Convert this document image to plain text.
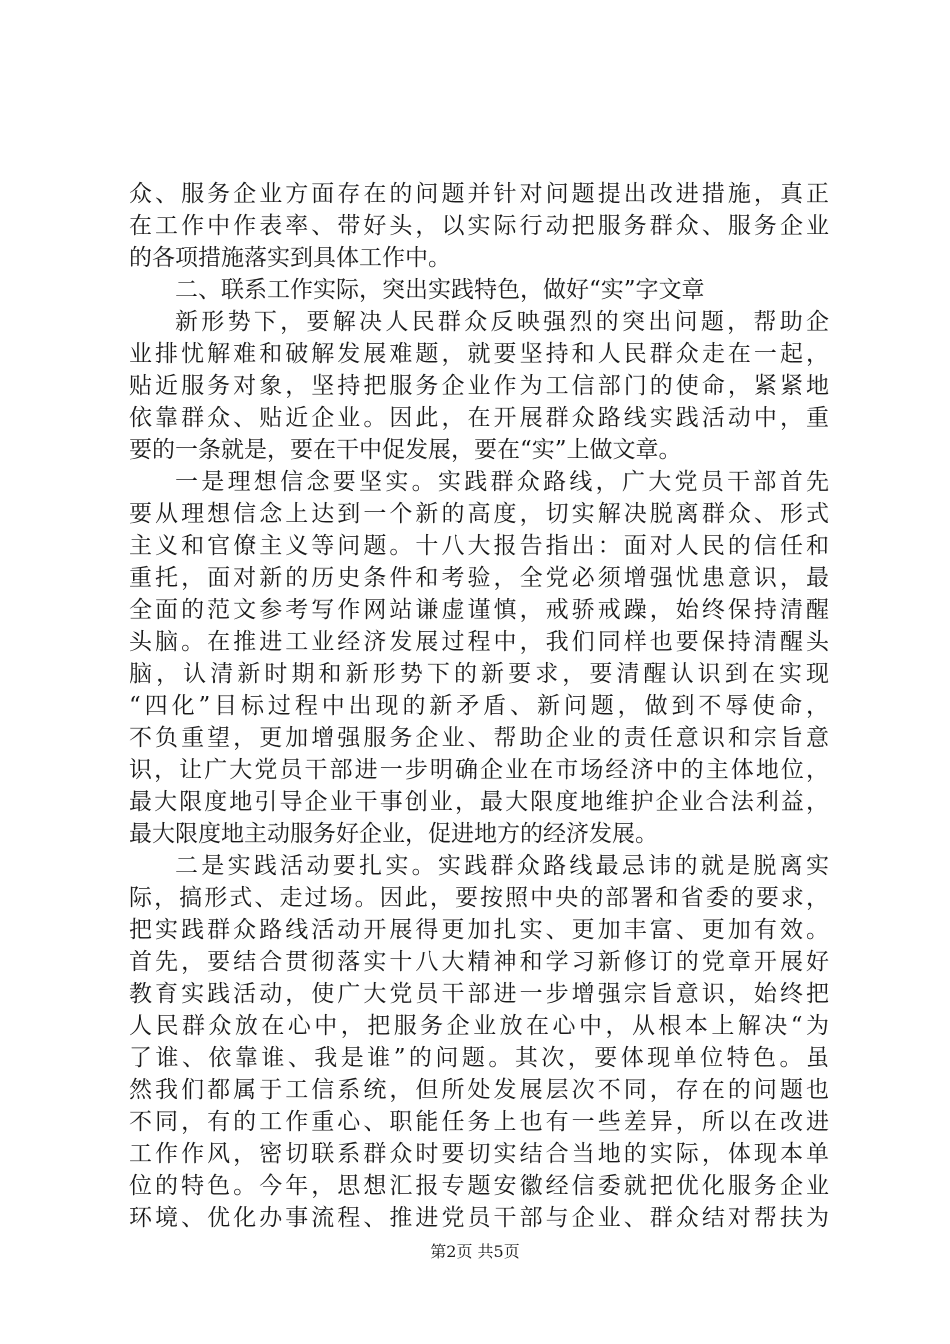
众、服务企业方面存在的问题并针对问题提出改进措施，真正
在工作中作表率、带好头，以实际行动把服务群众、服务企业
的各项措施落实到具体工作中。
二、联系工作实际，突出实践特色，做好“实”字文章
新形势下，要解决人民群众反映强烈的突出问题，帮助企
业排忧解难和破解发展难题，就要坚持和人民群众走在一起，
贴近服务对象，坚持把服务企业作为工信部门的使命，紧紧地
依靠群众、贴近企业。因此，在开展群众路线实践活动中，重
要的一条就是，要在干中促发展，要在“实”上做文章。
一是理想信念要坚实。实践群众路线，广大党员干部首先
要从理想信念上达到一个新的高度，切实解决脱离群众、形式
主义和官僚主义等问题。十八大报告指出：面对人民的信任和
重托，面对新的历史条件和考验，全党必须增强忧患意识，最
全面的范文参考写作网站谦虚谨慎，戒骄戒躁，始终保持清醒
头脑。在推进工业经济发展过程中，我们同样也要保持清醒头
脑，认清新时期和新形势下的新要求，要清醒认识到在实现
“四化”目标过程中出现的新矛盾、新问题，做到不辱使命，
不负重望，更加增强服务企业、帮助企业的责任意识和宗旨意
识，让广大党员干部进一步明确企业在市场经济中的主体地位，
最大限度地引导企业干事创业，最大限度地维护企业合法利益，
最大限度地主动服务好企业，促进地方的经济发展。
二是实践活动要扎实。实践群众路线最忌讳的就是脱离实
际，搞形式、走过场。因此，要按照中央的部署和省委的要求，
把实践群众路线活动开展得更加扎实、更加丰富、更加有效。
首先，要结合贯彻落实十八大精神和学习新修订的党章开展好
教育实践活动，使广大党员干部进一步增强宗旨意识，始终把
人民群众放在心中，把服务企业放在心中，从根本上解决“为
了谁、依靠谁、我是谁”的问题。其次，要体现单位特色。虽
然我们都属于工信系统，但所处发展层次不同，存在的问题也
不同，有的工作重心、职能任务上也有一些差异，所以在改进
工作作风，密切联系群众时要切实结合当地的实际，体现本单
位的特色。今年，思想汇报专题安徽经信委就把优化服务企业
环境、优化办事流程、推进党员干部与企业、群众结对帮扶为
第2页 共5页
